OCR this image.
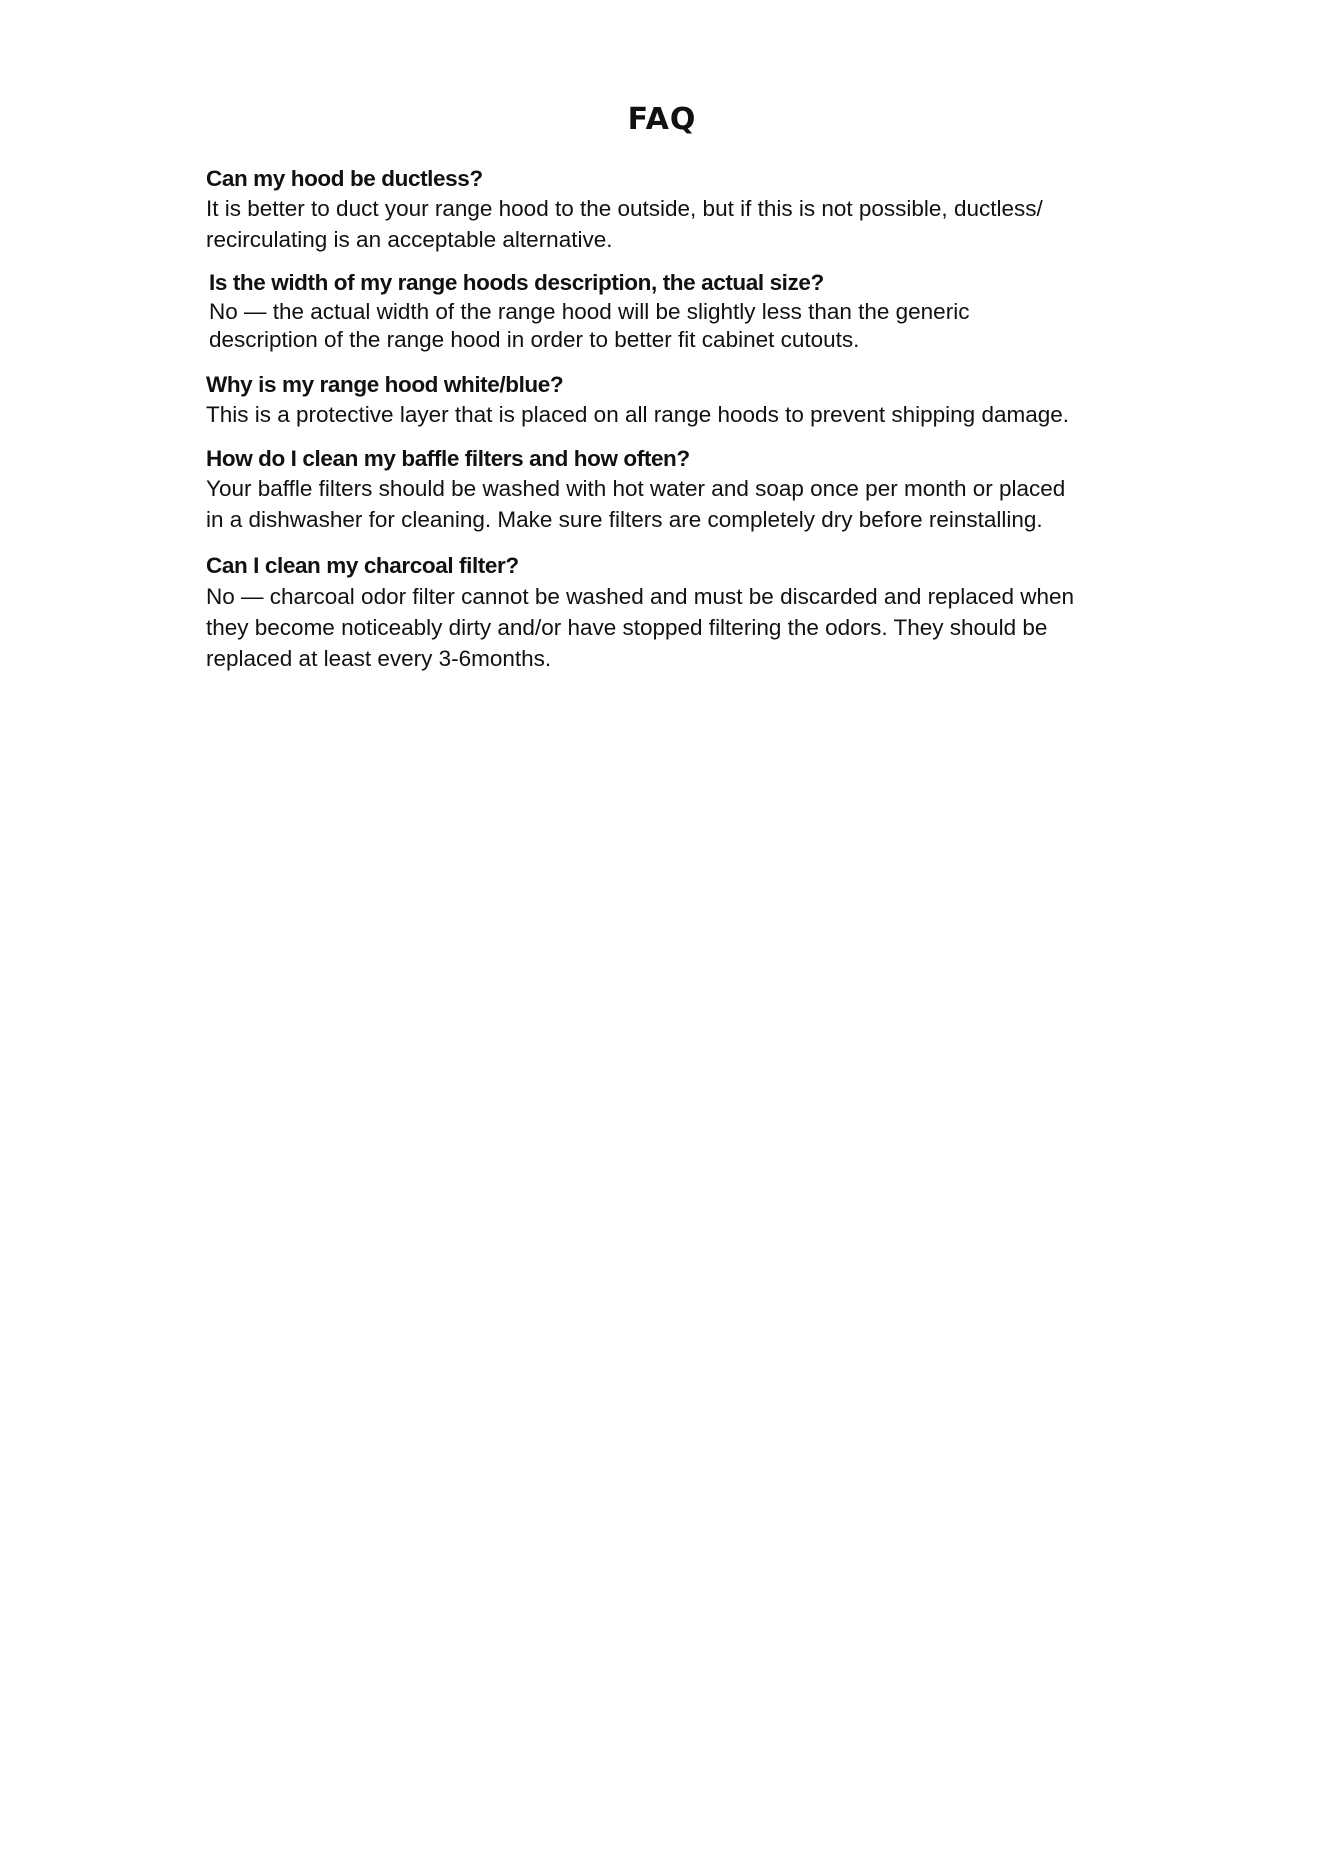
FAQ

Can my hood be ductless?

It is better to duct your range hood to the outside, but if this is not possible, ductless/

recirculating is an acceptable alternative.

Is the width of my range hoods description, the actual size?

No — the actual width of the range hood will be slightly less than the generic

description of the range hood in order to better fit cabinet cutouts.

Why is my range hood white/blue?

This is a protective layer that is placed on all range hoods to prevent shipping damage.

How do I clean my baffle filters and how often?

Your baffle filters should be washed with hot water and soap once per month or placed

in a dishwasher for cleaning. Make sure filters are completely dry before reinstalling.

Can I clean my charcoal filter?

No — charcoal odor filter cannot be washed and must be discarded and replaced when

they become noticeably dirty and/or have stopped filtering the odors. They should be

replaced at least every 3-6months.
